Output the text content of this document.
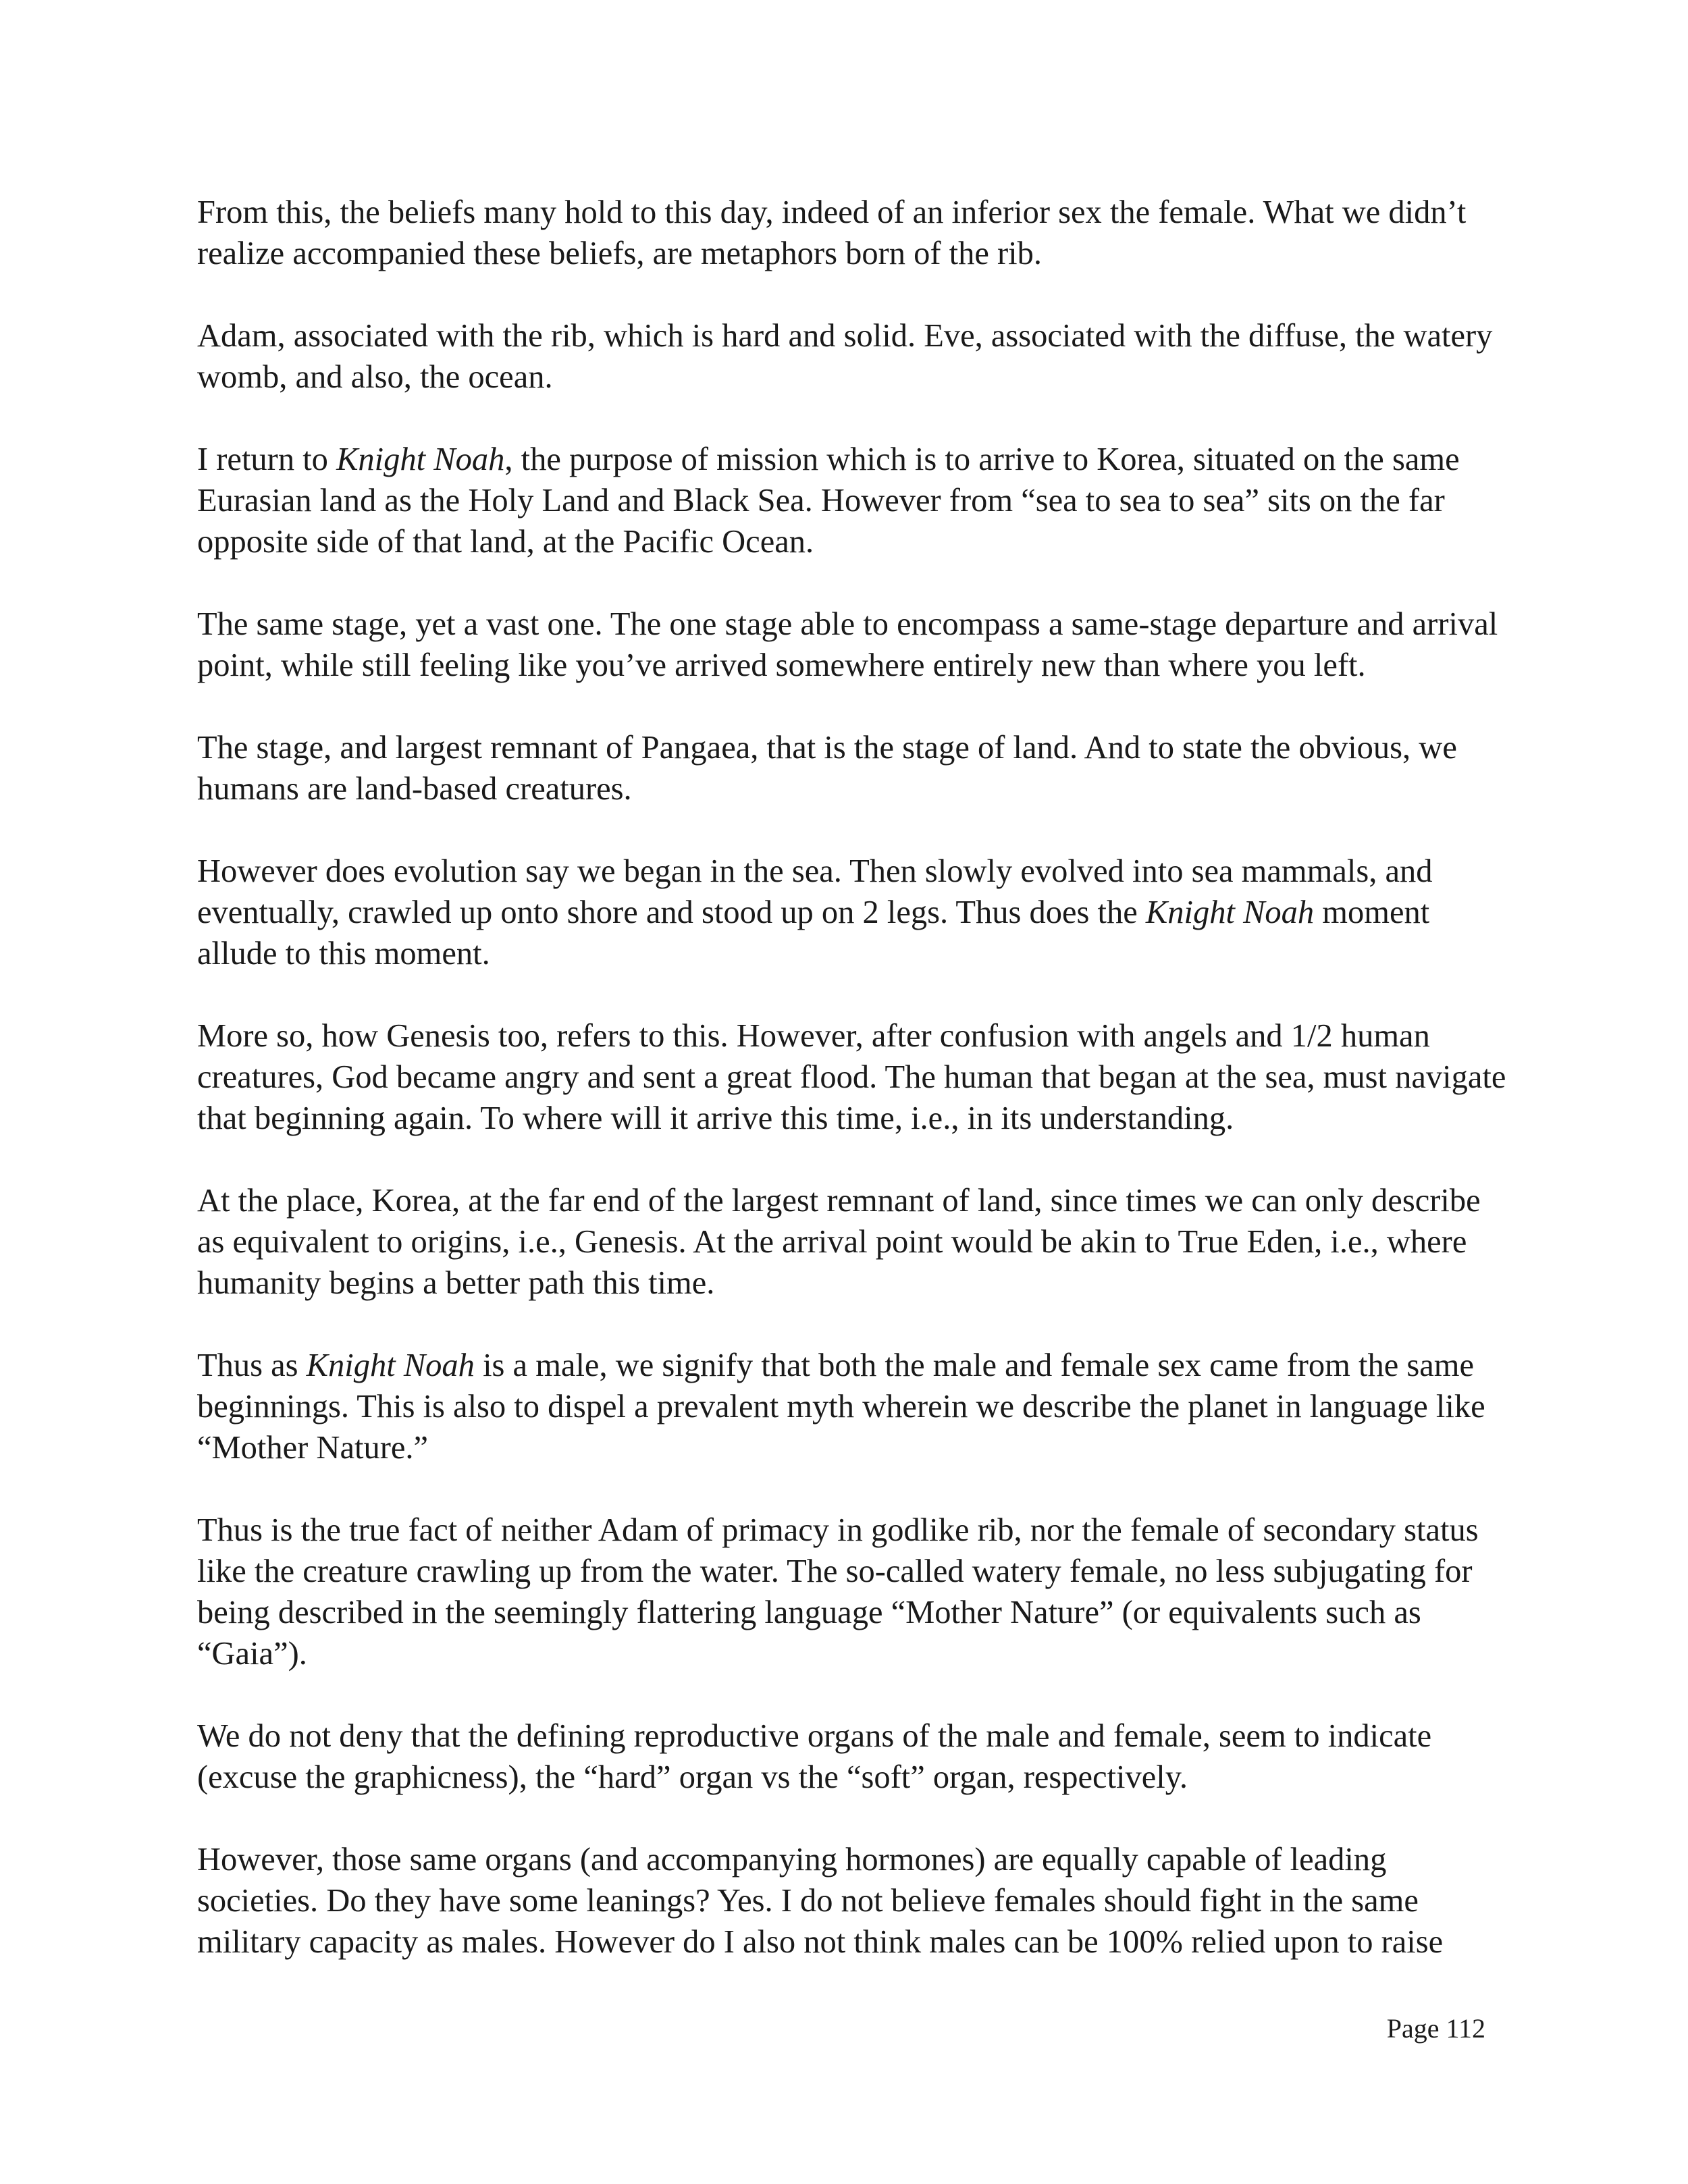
From this, the beliefs many hold to this day, indeed of an inferior sex the female. What we didn’t realize accompanied these beliefs, are metaphors born of the rib.

Adam, associated with the rib, which is hard and solid. Eve, associated with the diffuse, the watery womb, and also, the ocean.

I return to Knight Noah, the purpose of mission which is to arrive to Korea, situated on the same Eurasian land as the Holy Land and Black Sea. However from “sea to sea to sea” sits on the far opposite side of that land, at the Pacific Ocean.

The same stage, yet a vast one. The one stage able to encompass a same-stage departure and arrival point, while still feeling like you’ve arrived somewhere entirely new than where you left.

The stage, and largest remnant of Pangaea, that is the stage of land. And to state the obvious, we humans are land-based creatures.

However does evolution say we began in the sea. Then slowly evolved into sea mammals, and eventually, crawled up onto shore and stood up on 2 legs. Thus does the Knight Noah moment allude to this moment.

More so, how Genesis too, refers to this. However, after confusion with angels and 1/2 human creatures, God became angry and sent a great flood. The human that began at the sea, must navigate that beginning again. To where will it arrive this time, i.e., in its understanding.

At the place, Korea, at the far end of the largest remnant of land, since times we can only describe as equivalent to origins, i.e., Genesis. At the arrival point would be akin to True Eden, i.e., where humanity begins a better path this time.

Thus as Knight Noah is a male, we signify that both the male and female sex came from the same beginnings. This is also to dispel a prevalent myth wherein we describe the planet in language like “Mother Nature.”

Thus is the true fact of neither Adam of primacy in godlike rib, nor the female of secondary status like the creature crawling up from the water. The so-called watery female, no less subjugating for being described in the seemingly flattering language “Mother Nature” (or equivalents such as “Gaia”).

We do not deny that the defining reproductive organs of the male and female, seem to indicate (excuse the graphicness), the “hard” organ vs the “soft” organ, respectively.

However, those same organs (and accompanying hormones) are equally capable of leading societies. Do they have some leanings? Yes. I do not believe females should fight in the same military capacity as males. However do I also not think males can be 100% relied upon to raise

Page 112
